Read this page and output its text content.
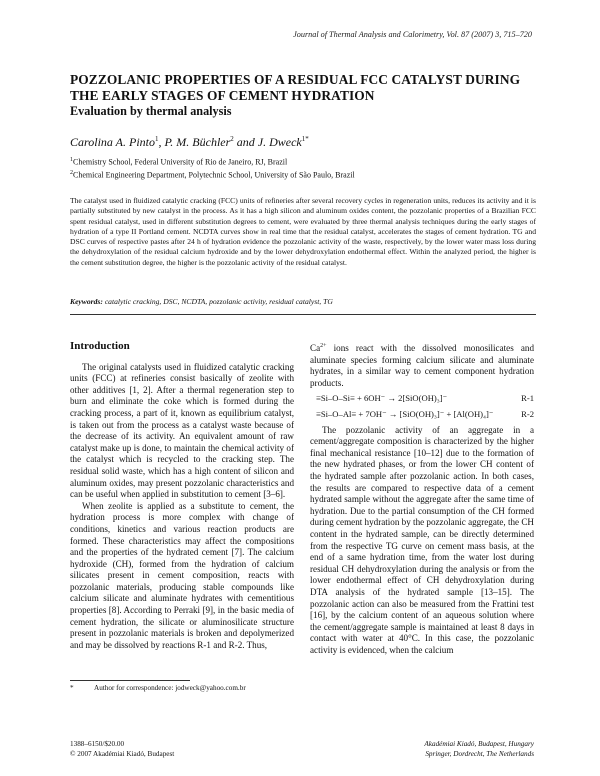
Journal of Thermal Analysis and Calorimetry, Vol. 87 (2007) 3, 715–720
POZZOLANIC PROPERTIES OF A RESIDUAL FCC CATALYST DURING THE EARLY STAGES OF CEMENT HYDRATION
Evaluation by thermal analysis
Carolina A. Pinto$^1$, P. M. Büchler$^2$ and J. Dweck$^{1*}$
$^1$Chemistry School, Federal University of Rio de Janeiro, RJ, Brazil
$^2$Chemical Engineering Department, Polytechnic School, University of São Paulo, Brazil
The catalyst used in fluidized catalytic cracking (FCC) units of refineries after several recovery cycles in regeneration units, reduces its activity and it is partially substituted by new catalyst in the process. As it has a high silicon and aluminum oxides content, the pozzolanic properties of a Brazilian FCC spent residual catalyst, used in different substitution degrees to cement, were evaluated by three thermal analysis techniques during the early stages of hydration of a type II Portland cement. NCDTA curves show in real time that the residual catalyst, accelerates the stages of cement hydration. TG and DSC curves of respective pastes after 24 h of hydration evidence the pozzolanic activity of the waste, respectively, by the lower water mass loss during the dehydroxylation of the residual calcium hydroxide and by the lower dehydroxylation endothermal effect. Within the analyzed period, the higher is the cement substitution degree, the higher is the pozzolanic activity of the residual catalyst.
Keywords: catalytic cracking, DSC, NCDTA, pozzolanic activity, residual catalyst, TG
Introduction

The original catalysts used in fluidized catalytic cracking units (FCC) at refineries consist basically of zeolite with other additives [1, 2]. After a thermal regeneration step to burn and eliminate the coke which is formed during the cracking process, a part of it, known as equilibrium catalyst, is taken out from the process as a catalyst waste because of the decrease of its activity. An equivalent amount of raw catalyst make up is done, to maintain the chemical activity of the catalyst which is recycled to the cracking step. The residual solid waste, which has a high content of silicon and aluminum oxides, may present pozzolanic characteristics and can be useful when applied in substitution to cement [3–6].

When zeolite is applied as a substitute to cement, the hydration process is more complex with change of conditions, kinetics and various reaction products are formed. These characteristics may affect the compositions and the properties of the hydrated cement [7]. The calcium hydroxide (CH), formed from the hydration of calcium silicates present in cement composition, reacts with pozzolanic materials, producing stable compounds like calcium silicate and aluminate hydrates with cementitious properties [8]. According to Perraki [9], in the basic media of cement hydration, the silicate or aluminosilicate structure present in pozzolanic materials is broken and depolymerized and may be dissolved by reactions R-1 and R-2. Thus,

$Ca^{2+}$ ions react with the dissolved monosilicates and aluminate species forming calcium silicate and aluminate hydrates, in a similar way to cement component hydration products.

≡Si–O–Si≡ + 6OH⁻ → 2[SiO(OH)₃]⁻	R-1
≡Si–O–Al≡ + 7OH⁻ → [SiO(OH)₃]⁻ + [Al(OH)₄]⁻	R-2

The pozzolanic activity of an aggregate in a cement/aggregate composition is characterized by the higher final mechanical resistance [10–12] due to the formation of the new hydrated phases, or from the lower CH content of the hydrated sample after pozzolanic action. In both cases, the results are compared to respective data of a cement hydrated sample without the aggregate after the same time of hydration. Due to the partial consumption of the CH formed during cement hydration by the pozzolanic aggregate, the CH content in the hydrated sample, can be directly determined from the respective TG curve on cement mass basis, at the end of a same hydration time, from the water lost during residual CH dehydroxylation during the analysis or from the lower endothermal effect of CH dehydroxylation during DTA analysis of the hydrated sample [13–15]. The pozzolanic action can also be measured from the Frattini test [16], by the calcium content of an aqueous solution where the cement/aggregate sample is maintained at least 8 days in contact with water at 40°C. In this case, the pozzolanic activity is evidenced, when the calcium

*	Author for correspondence: jodweck@yahoo.com.br
1388–6150/$20.00
© 2007 Akadémiai Kiadó, Budapest
Akadémiai Kiadó, Budapest, Hungary
Springer, Dordrecht, The Netherlands
